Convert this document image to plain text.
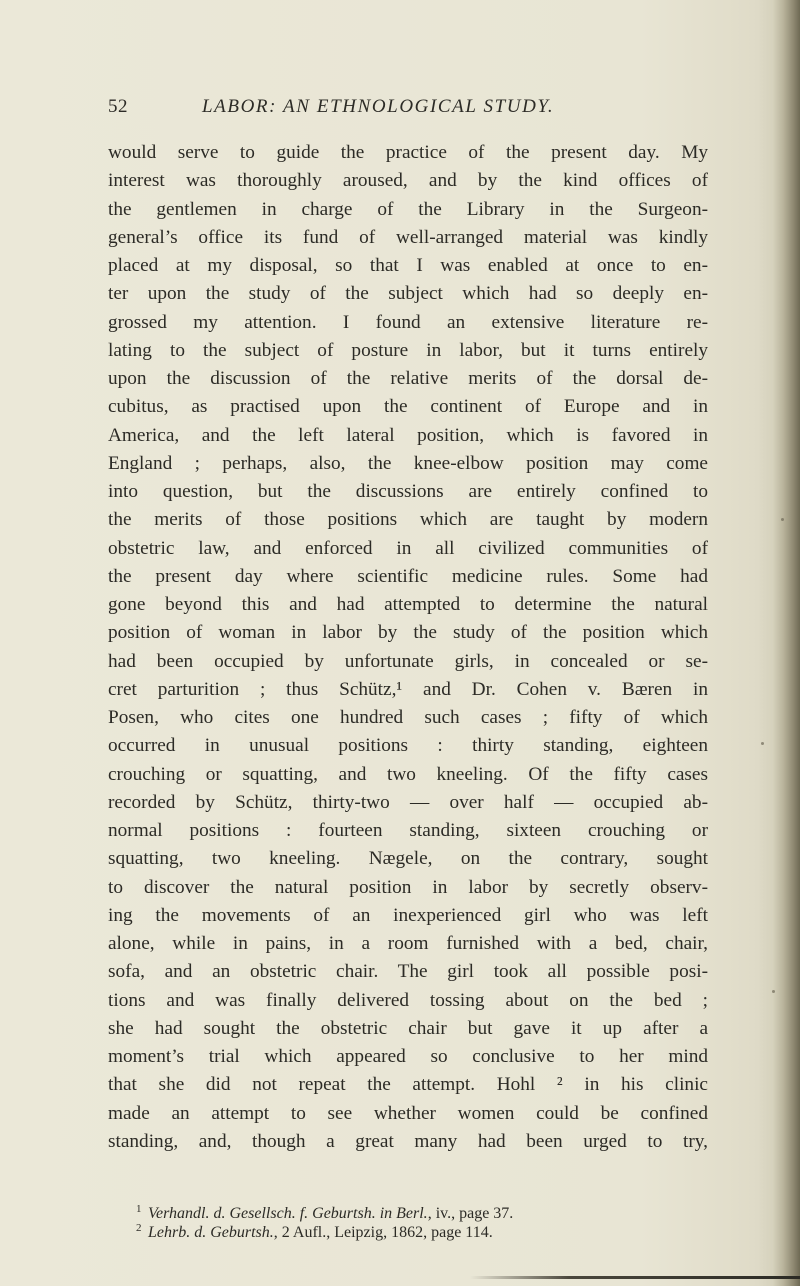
52	LABOR: AN ETHNOLOGICAL STUDY.
would serve to guide the practice of the present day. My
interest was thoroughly aroused, and by the kind offices of
the gentlemen in charge of the Library in the Surgeon-
general’s office its fund of well-arranged material was kindly
placed at my disposal, so that I was enabled at once to en-
ter upon the study of the subject which had so deeply en-
grossed my attention. I found an extensive literature re-
lating to the subject of posture in labor, but it turns entirely
upon the discussion of the relative merits of the dorsal de-
cubitus, as practised upon the continent of Europe and in
America, and the left lateral position, which is favored in
England ; perhaps, also, the knee-elbow position may come
into question, but the discussions are entirely confined to
the merits of those positions which are taught by modern
obstetric law, and enforced in all civilized communities of
the present day where scientific medicine rules. Some had
gone beyond this and had attempted to determine the natural
position of woman in labor by the study of the position which
had been occupied by unfortunate girls, in concealed or se-
cret parturition ; thus Schütz,¹ and Dr. Cohen v. Bæren in
Posen, who cites one hundred such cases ; fifty of which
occurred in unusual positions : thirty standing, eighteen
crouching or squatting, and two kneeling. Of the fifty cases
recorded by Schütz, thirty-two — over half — occupied ab-
normal positions : fourteen standing, sixteen crouching or
squatting, two kneeling. Nægele, on the contrary, sought
to discover the natural position in labor by secretly observ-
ing the movements of an inexperienced girl who was left
alone, while in pains, in a room furnished with a bed, chair,
sofa, and an obstetric chair. The girl took all possible posi-
tions and was finally delivered tossing about on the bed ;
she had sought the obstetric chair but gave it up after a
moment’s trial which appeared so conclusive to her mind
that she did not repeat the attempt. Hohl ² in his clinic
made an attempt to see whether women could be confined
standing, and, though a great many had been urged to try,
1 Verhandl. d. Gesellsch. f. Geburtsh. in Berl., iv., page 37.
2 Lehrb. d. Geburtsh., 2 Aufl., Leipzig, 1862, page 114.
